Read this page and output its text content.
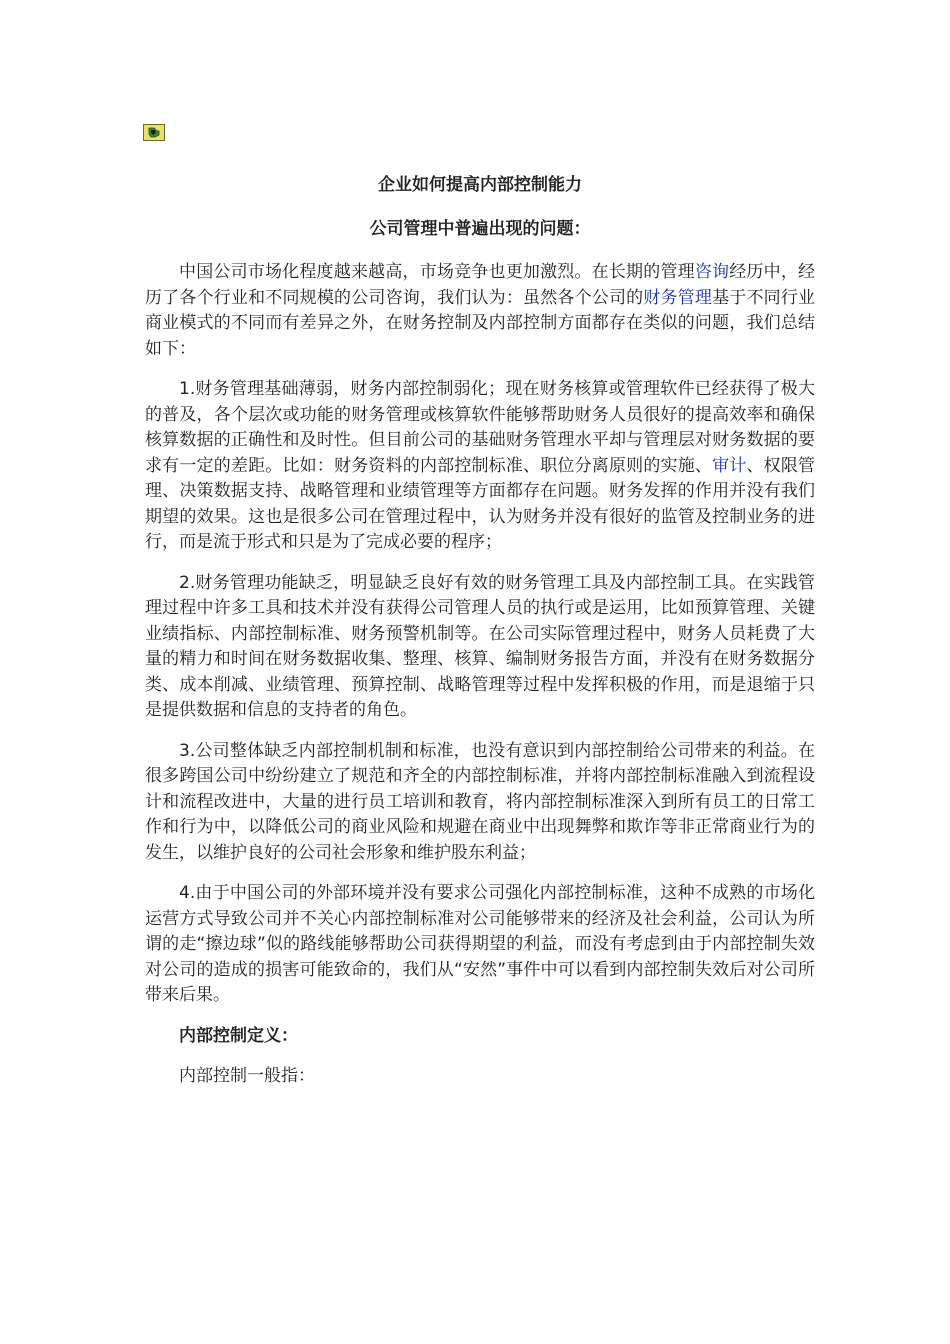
企业如何提高内部控制能力
公司管理中普遍出现的问题：

中国公司市场化程度越来越高，市场竞争也更加激烈。在长期的管理咨询经历中，经历了各个行业和不同规模的公司咨询，我们认为：虽然各个公司的财务管理基于不同行业商业模式的不同而有差异之外，在财务控制及内部控制方面都存在类似的问题，我们总结如下：

1.财务管理基础薄弱，财务内部控制弱化；现在财务核算或管理软件已经获得了极大的普及，各个层次或功能的财务管理或核算软件能够帮助财务人员很好的提高效率和确保核算数据的正确性和及时性。但目前公司的基础财务管理水平却与管理层对财务数据的要求有一定的差距。比如：财务资料的内部控制标准、职位分离原则的实施、审计、权限管理、决策数据支持、战略管理和业绩管理等方面都存在问题。财务发挥的作用并没有我们期望的效果。这也是很多公司在管理过程中，认为财务并没有很好的监管及控制业务的进行，而是流于形式和只是为了完成必要的程序；

2.财务管理功能缺乏，明显缺乏良好有效的财务管理工具及内部控制工具。在实践管理过程中许多工具和技术并没有获得公司管理人员的执行或是运用，比如预算管理、关键业绩指标、内部控制标准、财务预警机制等。在公司实际管理过程中，财务人员耗费了大量的精力和时间在财务数据收集、整理、核算、编制财务报告方面，并没有在财务数据分类、成本削减、业绩管理、预算控制、战略管理等过程中发挥积极的作用，而是退缩于只是提供数据和信息的支持者的角色。

3.公司整体缺乏内部控制机制和标准，也没有意识到内部控制给公司带来的利益。在很多跨国公司中纷纷建立了规范和齐全的内部控制标准，并将内部控制标准融入到流程设计和流程改进中，大量的进行员工培训和教育，将内部控制标准深入到所有员工的日常工作和行为中，以降低公司的商业风险和规避在商业中出现舞弊和欺诈等非正常商业行为的发生，以维护良好的公司社会形象和维护股东利益；

4.由于中国公司的外部环境并没有要求公司强化内部控制标准，这种不成熟的市场化运营方式导致公司并不关心内部控制标准对公司能够带来的经济及社会利益，公司认为所谓的走“擦边球”似的路线能够帮助公司获得期望的利益，而没有考虑到由于内部控制失效对公司的造成的损害可能致命的，我们从“安然”事件中可以看到内部控制失效后对公司所带来后果。

内部控制定义：

内部控制一般指：
